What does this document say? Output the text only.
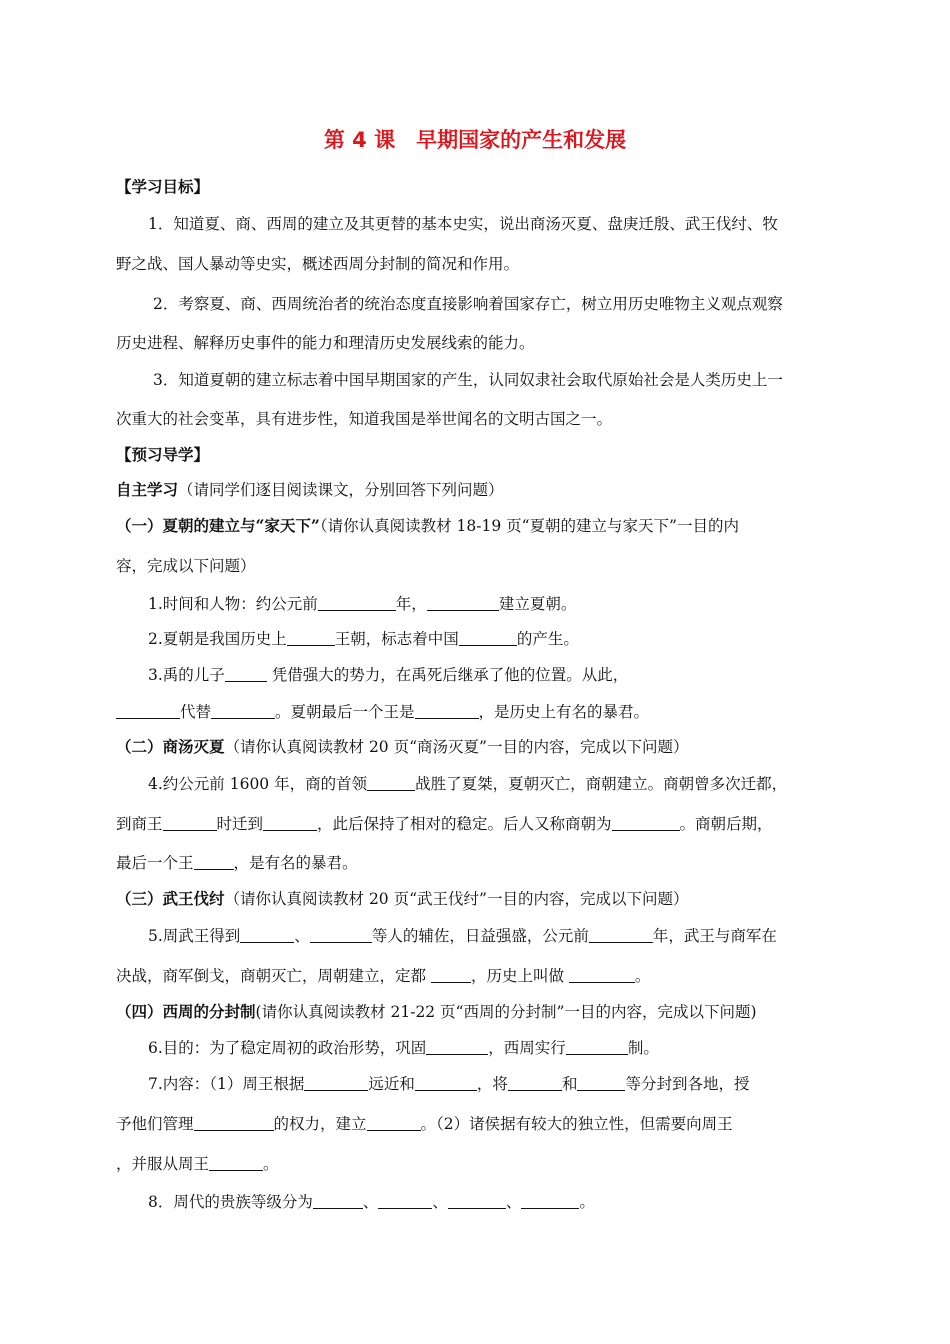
第 4 课　早期国家的产生和发展
【学习目标】
1．知道夏、商、西周的建立及其更替的基本史实，说出商汤灭夏、盘庚迁殷、武王伐纣、牧
野之战、国人暴动等史实，概述西周分封制的简况和作用。
2．考察夏、商、西周统治者的统治态度直接影响着国家存亡，树立用历史唯物主义观点观察
历史进程、解释历史事件的能力和理清历史发展线索的能力。
3．知道夏朝的建立标志着中国早期国家的产生，认同奴隶社会取代原始社会是人类历史上一
次重大的社会变革，具有进步性，知道我国是举世闻名的文明古国之一。
【预习导学】
自主学习（请同学们逐目阅读课文，分别回答下列问题）
（一）夏朝的建立与“家天下”（请你认真阅读教材 18-19 页“夏朝的建立与家天下”一目的内
容，完成以下问题）
1.时间和人物：约公元前	年，	建立夏朝。
2.夏朝是我国历史上	王朝，标志着中国	的产生。
3.禹的儿子	凭借强大的势力，在禹死后继承了他的位置。从此，
代替	。夏朝最后一个王是	，是历史上有名的暴君。
（二）商汤灭夏（请你认真阅读教材 20 页“商汤灭夏”一目的内容，完成以下问题）
4.约公元前 1600 年，商的首领	战胜了夏桀，夏朝灭亡，商朝建立。商朝曾多次迁都，
到商王	时迁到	，此后保持了相对的稳定。后人又称商朝为	。商朝后期，
最后一个王	，是有名的暴君。
（三）武王伐纣（请你认真阅读教材 20 页“武王伐纣”一目的内容，完成以下问题）
5.周武王得到	、	等人的辅佐，日益强盛，公元前	年，武王与商军在
决战，商军倒戈，商朝灭亡，周朝建立，定都	，历史上叫做	。
（四）西周的分封制(请你认真阅读教材 21-22 页“西周的分封制”一目的内容，完成以下问题)
6.目的：为了稳定周初的政治形势，巩固	，西周实行	制。
7.内容：（1）周王根据	远近和	，将	和	等分封到各地，授
予他们管理	的权力，建立	。（2）诸侯据有较大的独立性，但需要向周王
，并服从周王	。
8．周代的贵族等级分为	、	、	、	。
